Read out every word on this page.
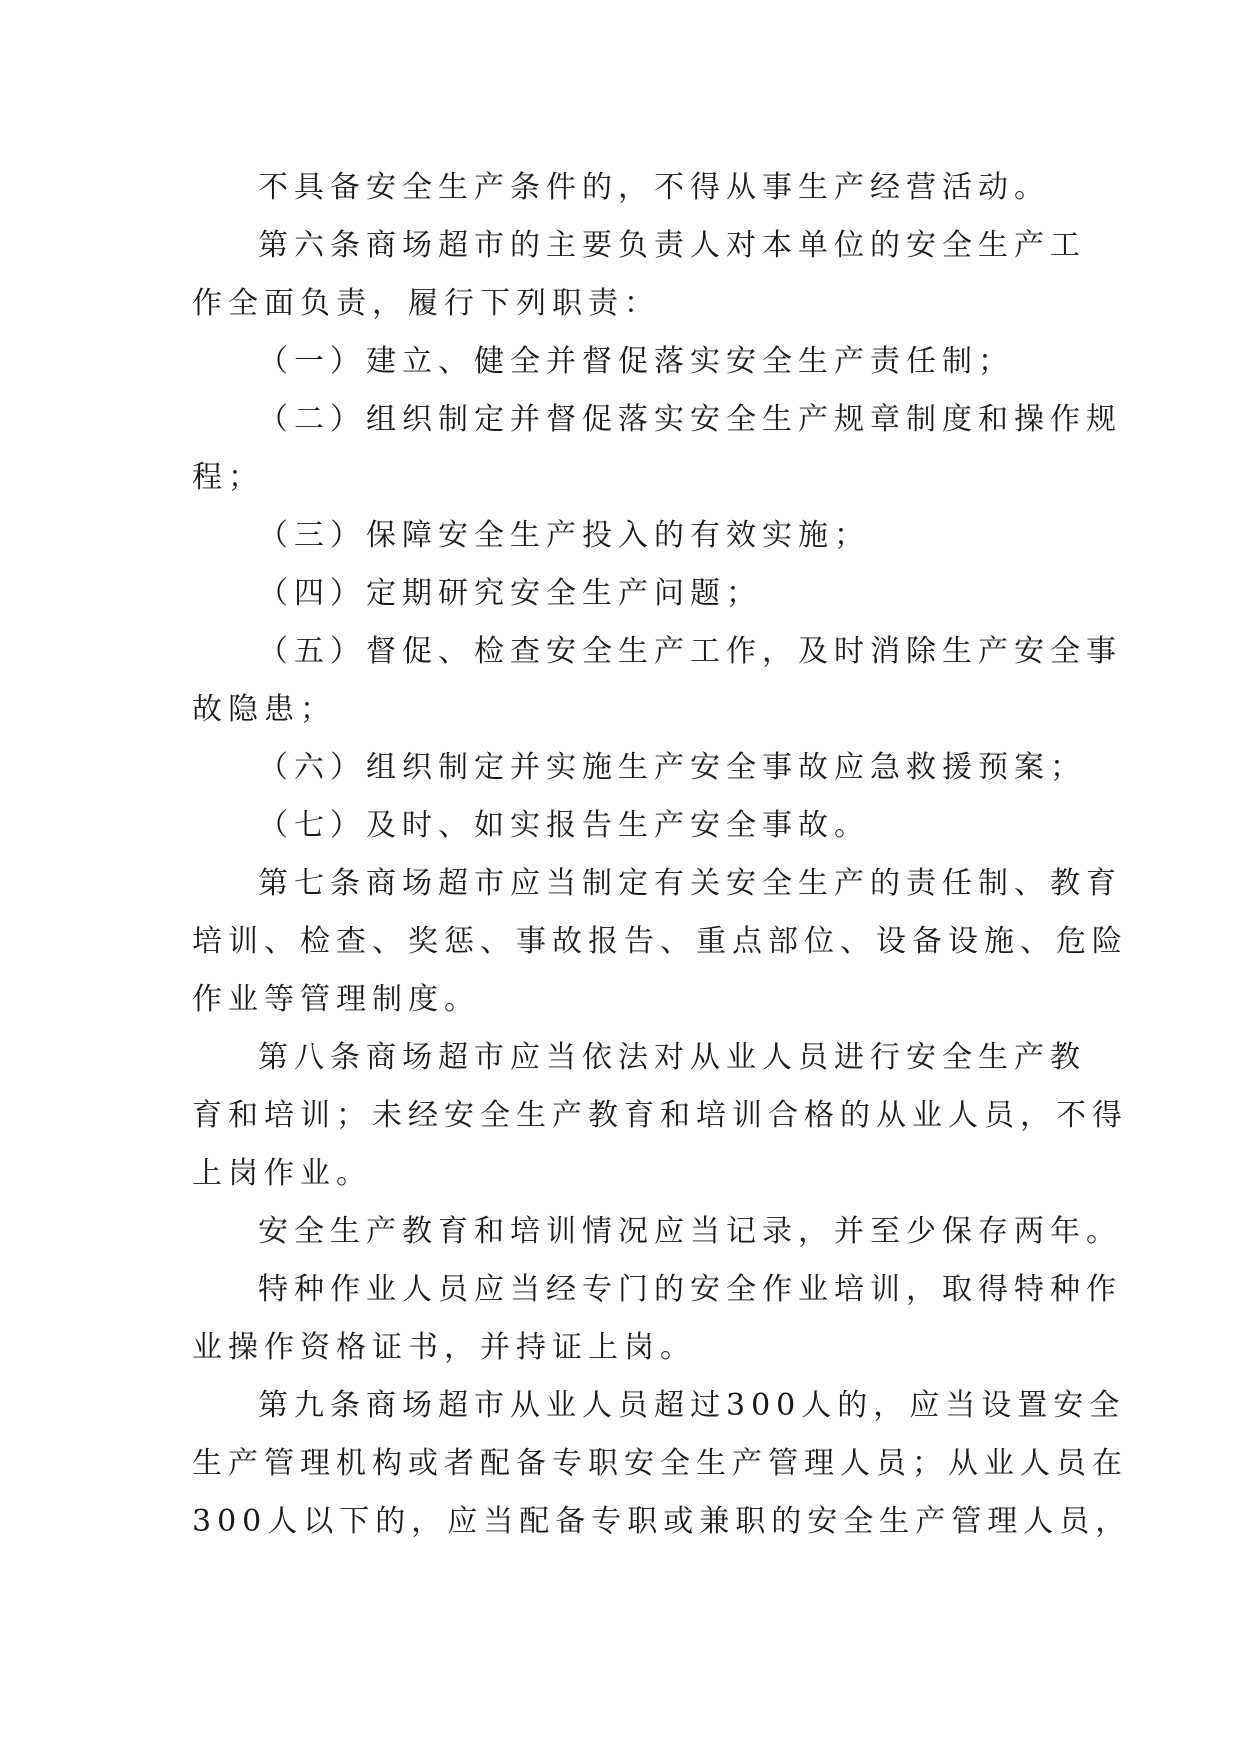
不具备安全生产条件的，不得从事生产经营活动。
第六条商场超市的主要负责人对本单位的安全生产工
作全面负责，履行下列职责：
（一）建立、健全并督促落实安全生产责任制；
（二）组织制定并督促落实安全生产规章制度和操作规
程；
（三）保障安全生产投入的有效实施；
（四）定期研究安全生产问题；
（五）督促、检查安全生产工作，及时消除生产安全事
故隐患；
（六）组织制定并实施生产安全事故应急救援预案；
（七）及时、如实报告生产安全事故。
第七条商场超市应当制定有关安全生产的责任制、教育
培训、检查、奖惩、事故报告、重点部位、设备设施、危险
作业等管理制度。
第八条商场超市应当依法对从业人员进行安全生产教
育和培训；未经安全生产教育和培训合格的从业人员，不得
上岗作业。
安全生产教育和培训情况应当记录，并至少保存两年。
特种作业人员应当经专门的安全作业培训，取得特种作
业操作资格证书，并持证上岗。
第九条商场超市从业人员超过300人的，应当设置安全
生产管理机构或者配备专职安全生产管理人员；从业人员在
300人以下的，应当配备专职或兼职的安全生产管理人员，
